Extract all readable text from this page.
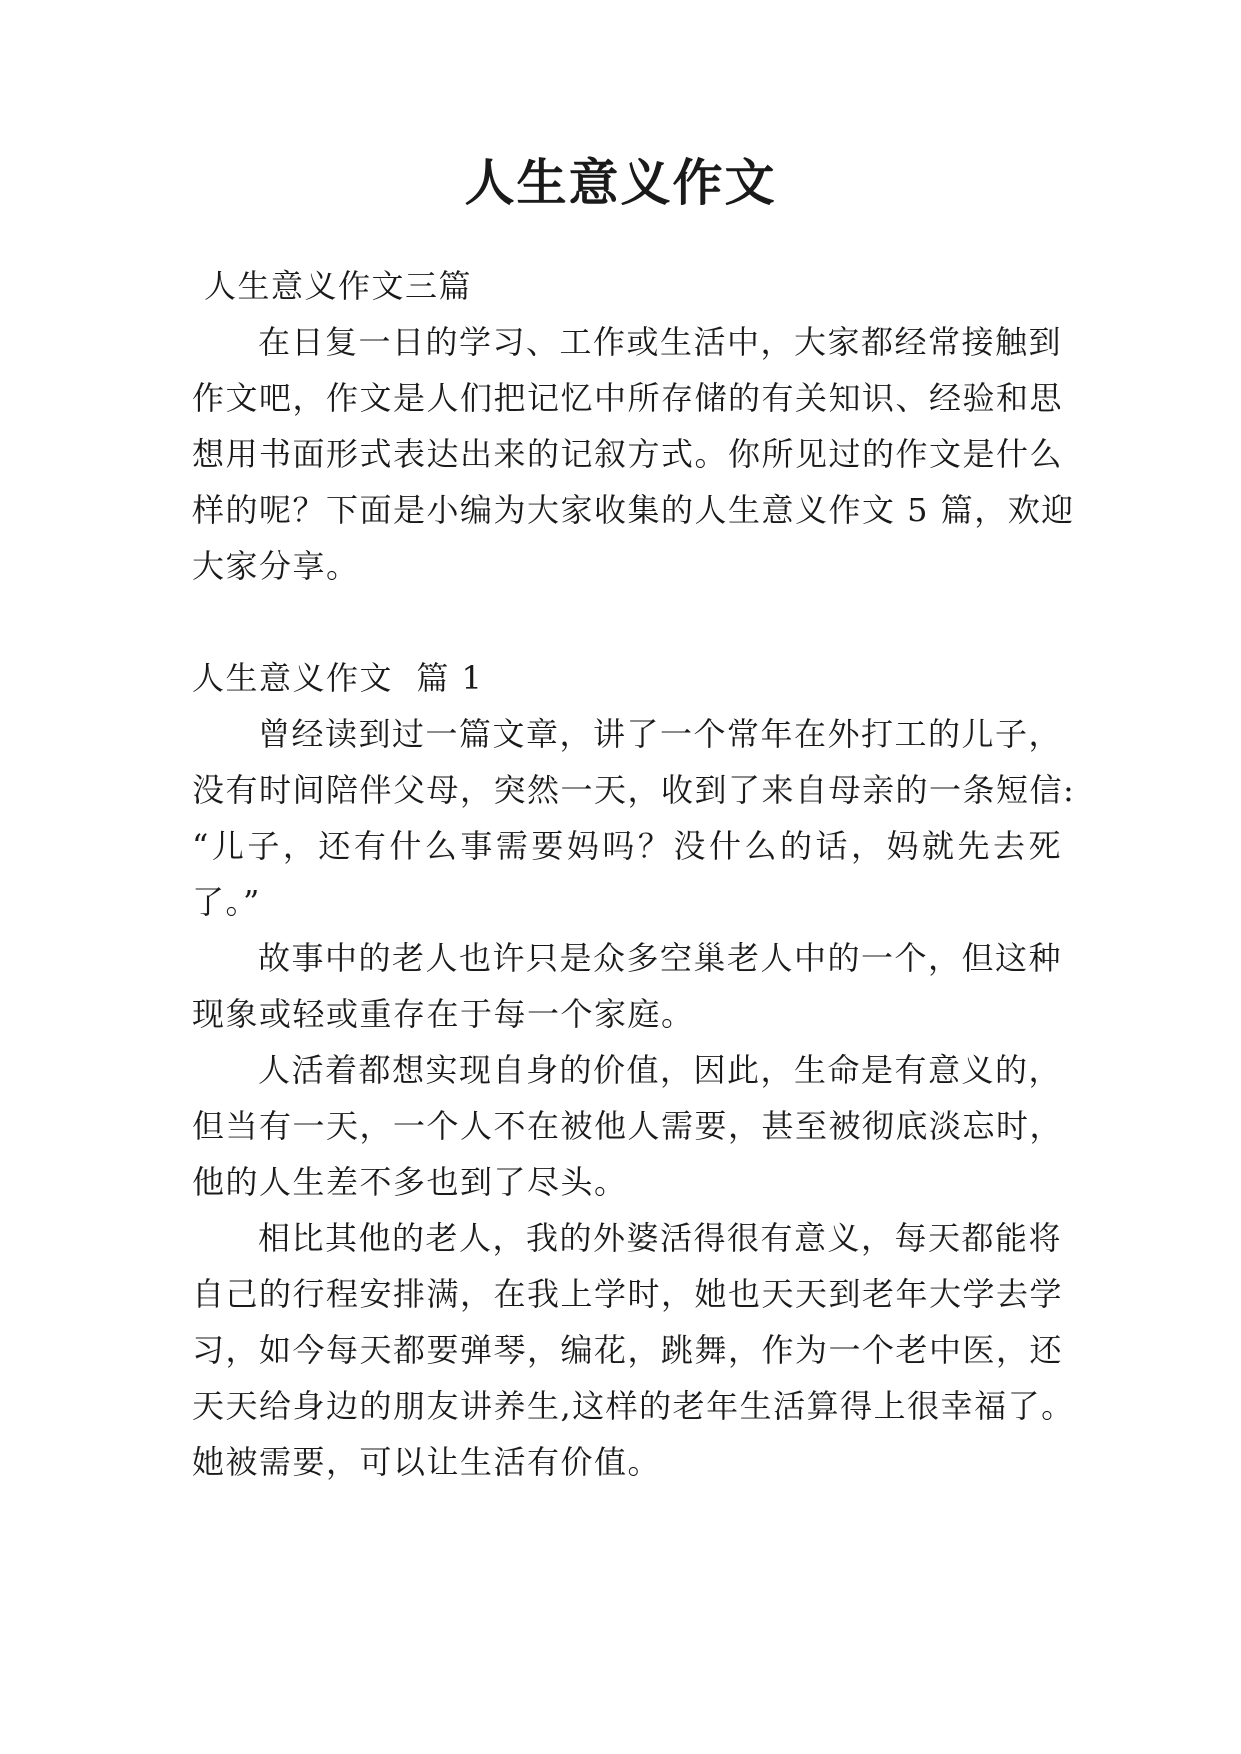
人生意义作文
人生意义作文三篇
在日复一日的学习、工作或生活中，大家都经常接触到
作文吧，作文是人们把记忆中所存储的有关知识、经验和思
想用书面形式表达出来的记叙方式。你所见过的作文是什么
样的呢？下面是小编为大家收集的人生意义作文 5 篇，欢迎
大家分享。
人生意义作文  篇 1
曾经读到过一篇文章，讲了一个常年在外打工的儿子，
没有时间陪伴父母，突然一天，收到了来自母亲的一条短信:
“儿子，还有什么事需要妈吗？没什么的话，妈就先去死
了。”
故事中的老人也许只是众多空巢老人中的一个，但这种
现象或轻或重存在于每一个家庭。
人活着都想实现自身的价值，因此，生命是有意义的，
但当有一天，一个人不在被他人需要，甚至被彻底淡忘时，
他的人生差不多也到了尽头。
相比其他的老人，我的外婆活得很有意义，每天都能将
自己的行程安排满，在我上学时，她也天天到老年大学去学
习，如今每天都要弹琴，编花，跳舞，作为一个老中医，还
天天给身边的朋友讲养生,这样的老年生活算得上很幸福了。
她被需要，可以让生活有价值。
